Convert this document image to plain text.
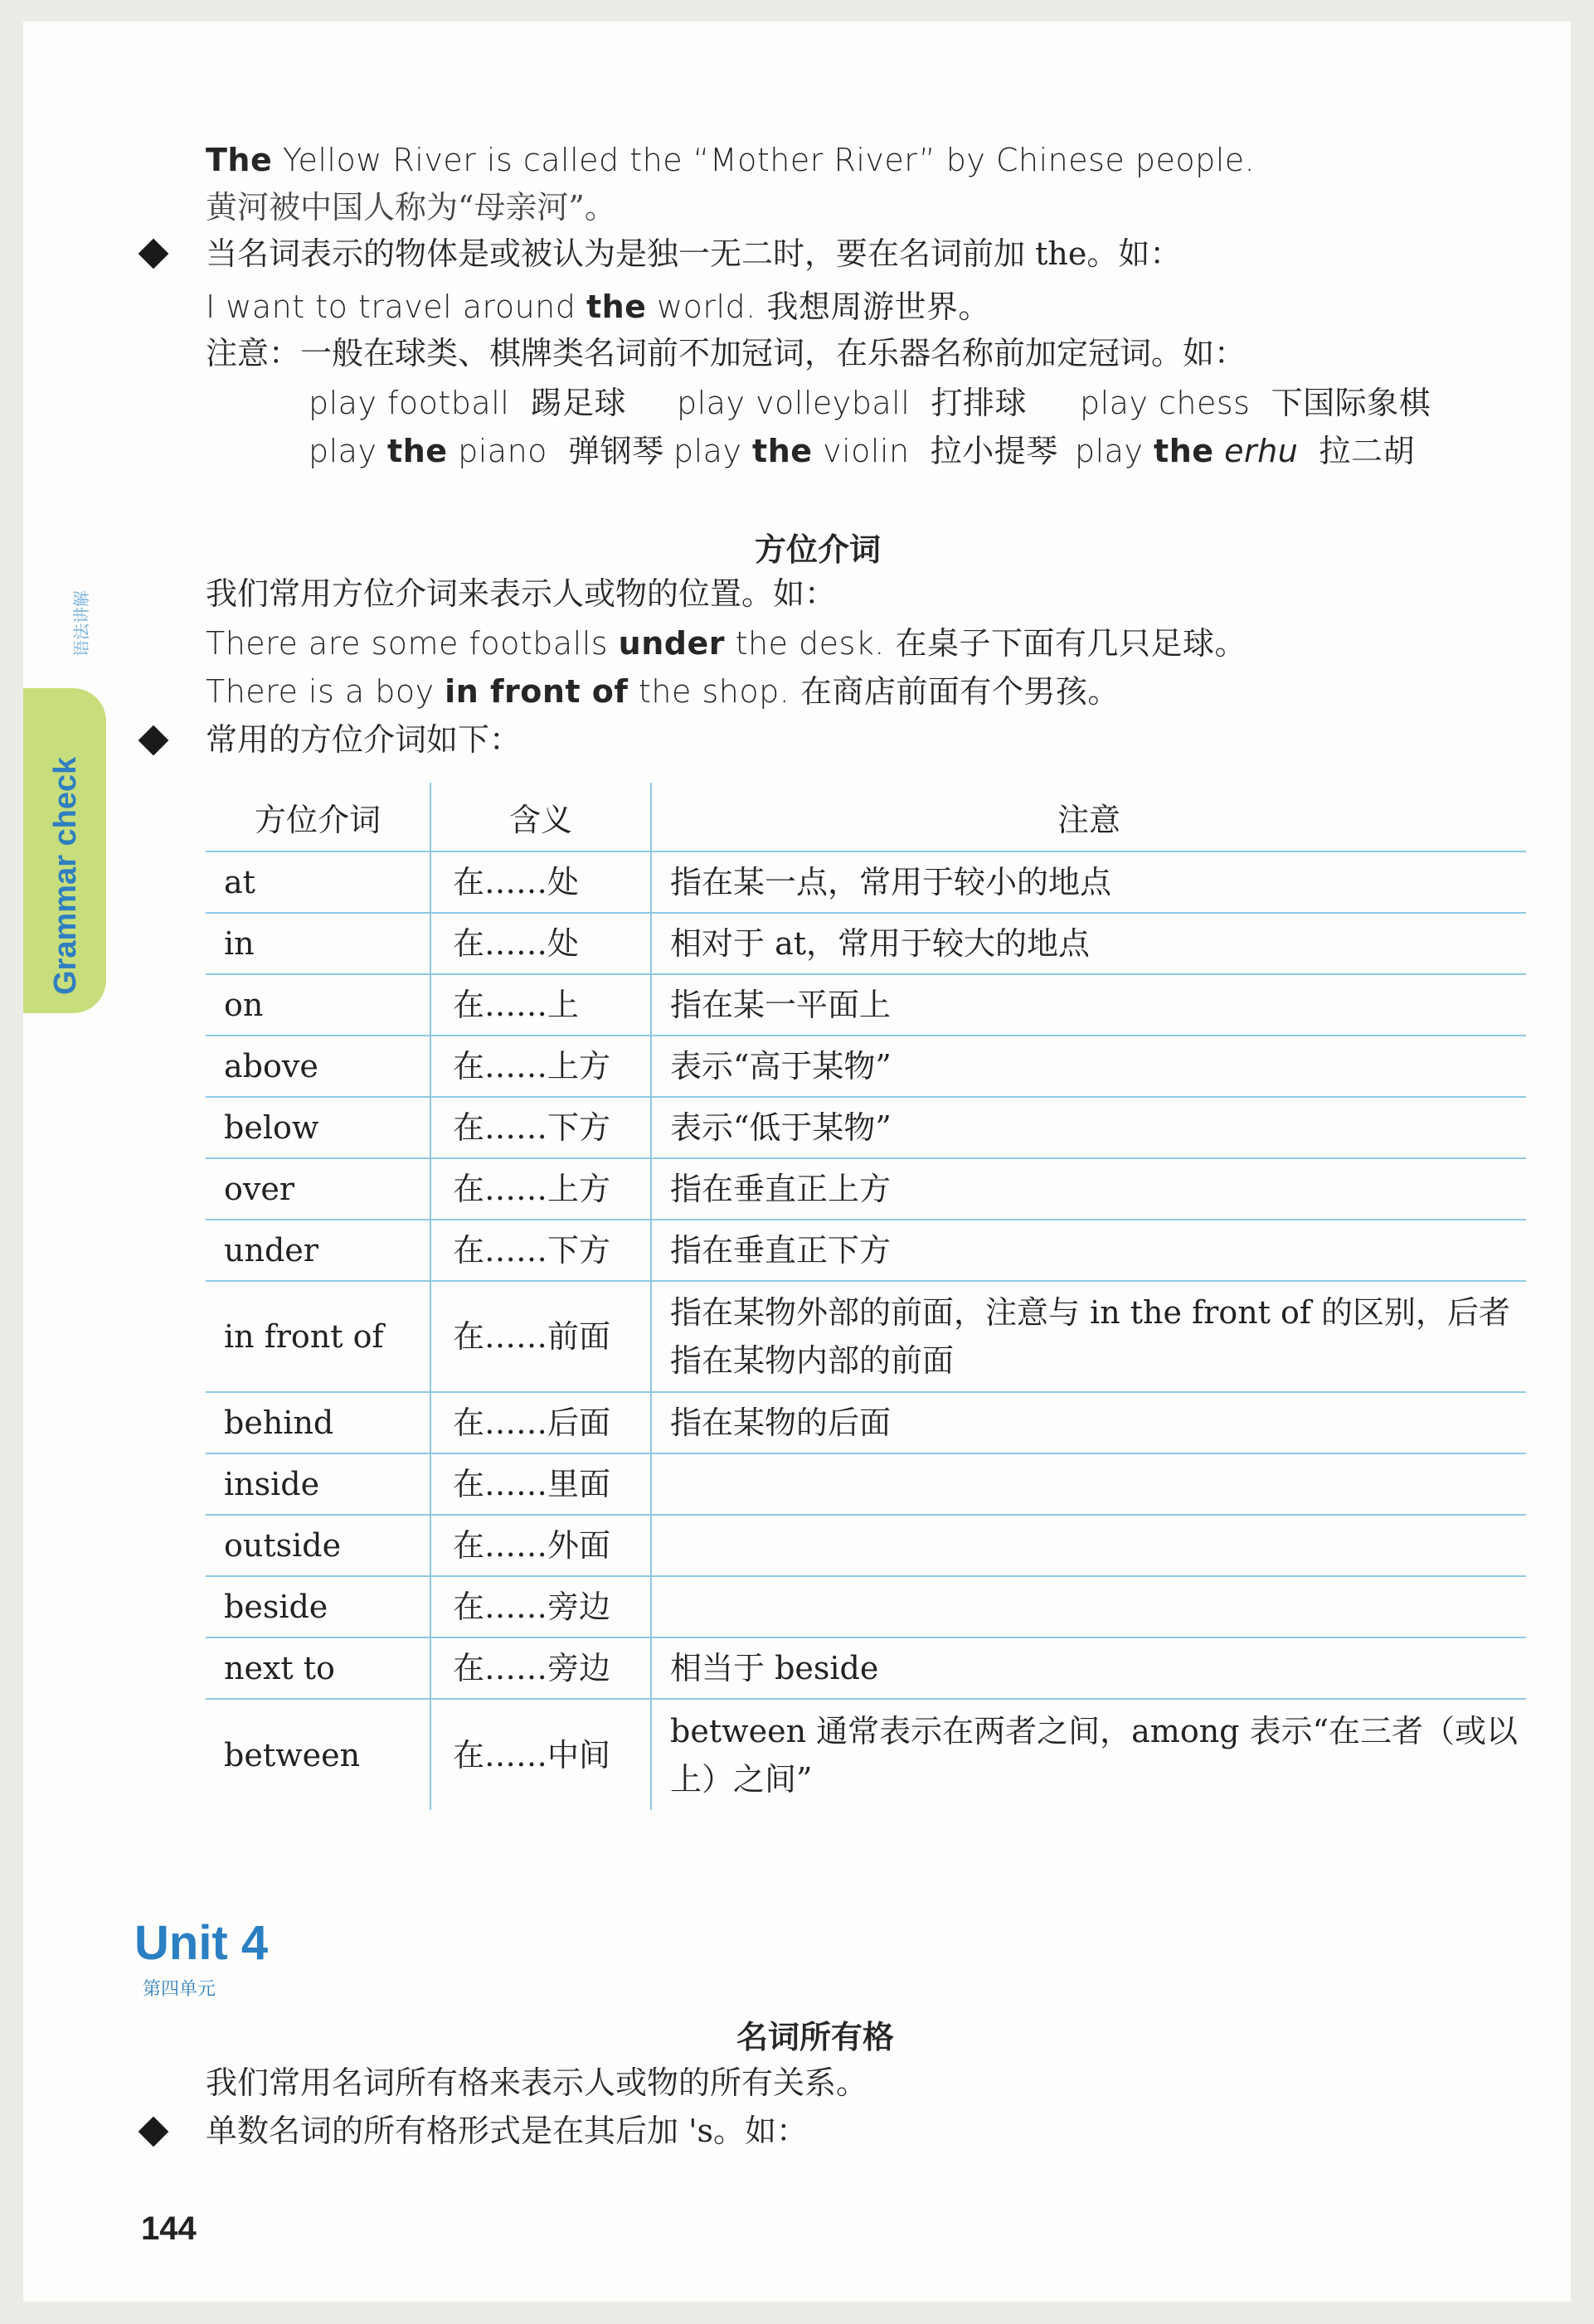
Grammar check
语法讲解
The Yellow River is called the “Mother River” by Chinese people.
黄河被中国人称为“母亲河”。
当名词表示的物体是或被认为是独一无二时，要在名词前加 the。如：
I want to travel around the world. 我想周游世界。
注意：一般在球类、棋牌类名词前不加冠词，在乐器名称前加定冠词。如：
play football 踢足球 play volleyball 打排球 play chess 下国际象棋
play the piano 弹钢琴 play the violin 拉小提琴 play the erhu 拉二胡
方位介词
我们常用方位介词来表示人或物的位置。如：
There are some footballs under the desk. 在桌子下面有几只足球。
There is a boy in front of the shop. 在商店前面有个男孩。
常用的方位介词如下：
方位介词	含义	注意
at	在……处	指在某一点，常用于较小的地点
in	在……处	相对于 at，常用于较大的地点
on	在……上	指在某一平面上
above	在……上方	表示“高于某物”
below	在……下方	表示“低于某物”
over	在……上方	指在垂直正上方
under	在……下方	指在垂直正下方
in front of	在……前面	指在某物外部的前面，注意与 in the front of 的区别，后者指在某物内部的前面
behind	在……后面	指在某物的后面
inside	在……里面	
outside	在……外面	
beside	在……旁边	
next to	在……旁边	相当于 beside
between	在……中间	between 通常表示在两者之间，among 表示“在三者（或以上）之间”
Unit 4
第四单元
名词所有格
我们常用名词所有格来表示人或物的所有关系。
单数名词的所有格形式是在其后加 's。如：
144
